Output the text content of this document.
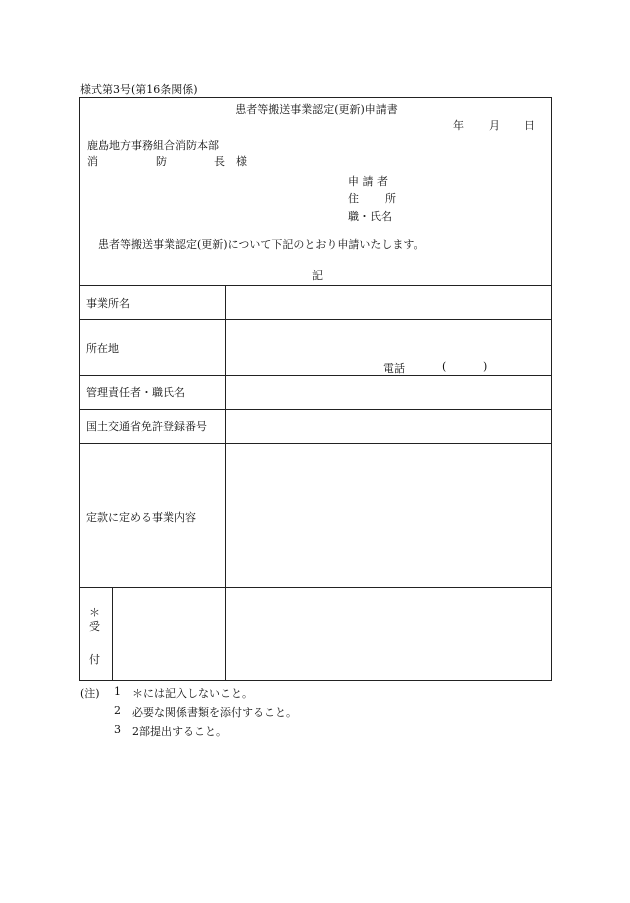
様式第3号(第16条関係)
患者等搬送事業認定(更新)申請書
年 月 日
鹿島地方事務組合消防本部
消	防	長 様
申 請 者
住 所
職・氏名
患者等搬送事業認定(更新)について下記のとおり申請いたします。
記
事業所名
所在地
電話	(	)
管理責任者・職氏名
国土交通省免許登録番号
定款に定める事業内容
＊
受
付
(注) 1 ＊には記入しないこと。
2 必要な関係書類を添付すること。
3 2部提出すること。
